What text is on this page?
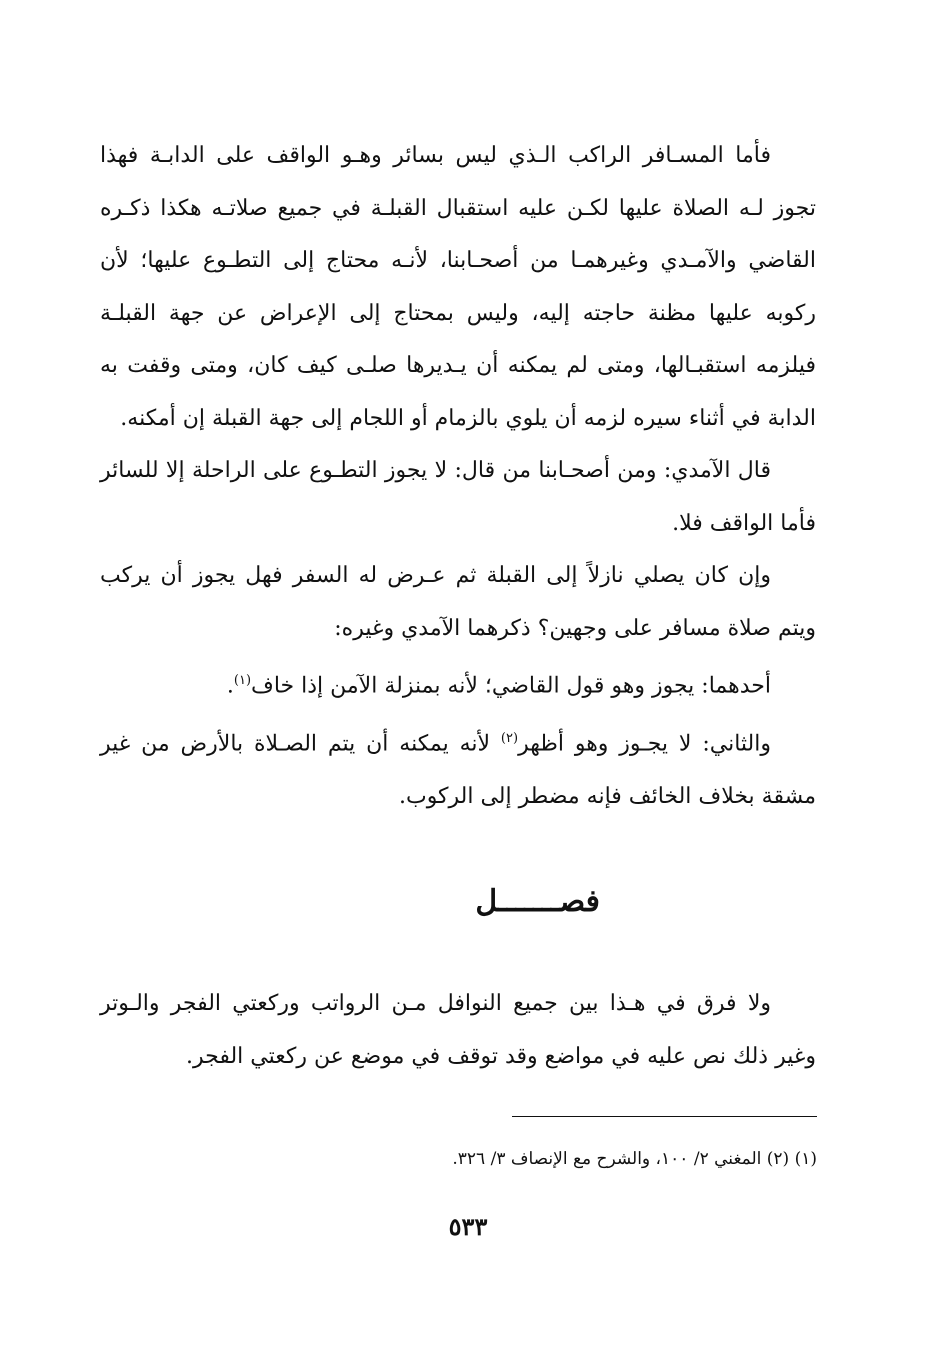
فأما المسـافر الراكب الـذي ليس بسائر وهـو الواقف على الدابـة فهذا تجوز لـه الصلاة عليها لكـن عليه استقبال القبلـة في جميع صلاتـه هكذا ذكـره القاضي والآمـدي وغيرهمـا من أصحـابنا، لأنـه محتاج إلى التطـوع عليها؛ لأن ركوبه عليها مظنة حاجته إليه، وليس بمحتاج إلى الإعراض عن جهة القبلـة فيلزمه استقبـالها، ومتى لم يمكنه أن يـديرها صلـى كيف كان، ومتى وقفت به الدابة في أثناء سيره لزمه أن يلوي بالزمام أو اللجام إلى جهة القبلة إن أمكنه.

قال الآمدي: ومن أصحـابنا من قال: لا يجوز التطـوع على الراحلة إلا للسائر فأما الواقف فلا.

وإن كان يصلي نازلاً إلى القبلة ثم عـرض له السفر فهل يجوز أن يركب ويتم صلاة مسافر على وجهين؟ ذكرهما الآمدي وغيره:

أحدهما: يجوز وهو قول القاضي؛ لأنه بمنزلة الآمن إذا خاف$^{(١)}$.

والثاني: لا يجـوز وهو أظهر$^{(٢)}$ لأنه يمكنه أن يتم الصـلاة بالأرض من غير مشقة بخلاف الخائف فإنه مضطر إلى الركوب.

فصـــــــل

ولا فرق في هـذا بين جميع النوافل مـن الرواتب وركعتي الفجر والـوتر وغير ذلك نص عليه في مواضع وقد توقف في موضع عن ركعتي الفجر.

(١) (٢) المغني ٢/ ١٠٠، والشرح مع الإنصاف ٣/ ٣٢٦.
٥٣٣
